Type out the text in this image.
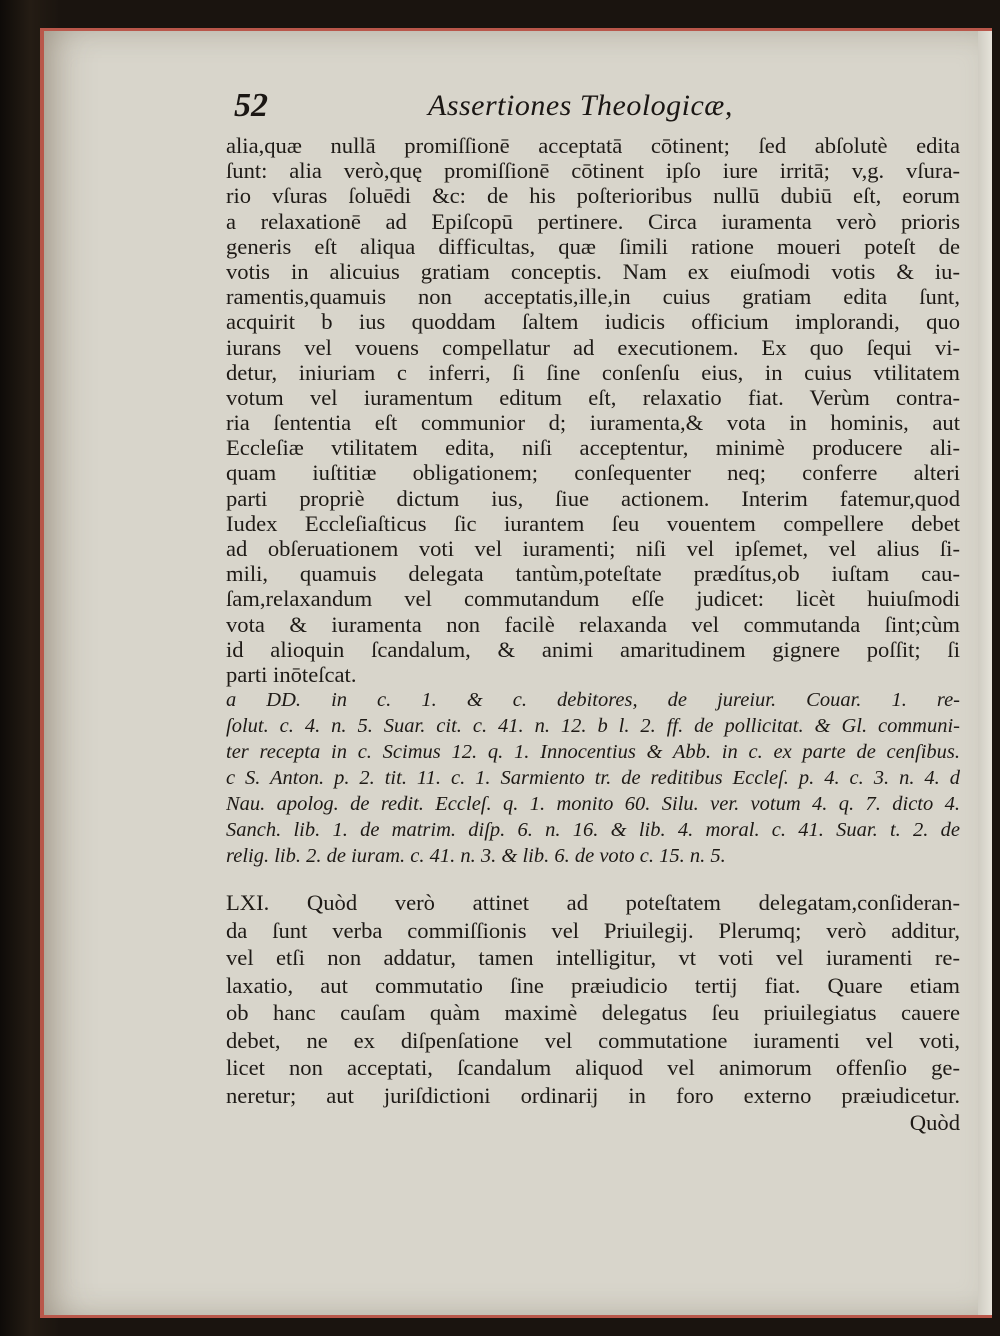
52	Assertiones Theologicæ,
alia,quæ nullā promiſſionē acceptatā cōtinent; ſed abſolutè edita
ſunt: alia verò,quę promiſſionē cōtinent ipſo iure irritā; v,g. vſura-
rio vſuras ſoluēdi &c: de his poſterioribus nullū dubiū eſt, eorum
a relaxationē ad Epiſcopū pertinere. Circa iuramenta verò prioris
generis eſt aliqua difficultas, quæ ſimili ratione moueri poteſt de
votis in alicuius gratiam conceptis. Nam ex eiuſmodi votis & iu-
ramentis,quamuis non acceptatis,ille,in cuius gratiam edita ſunt,
acquirit b ius quoddam ſaltem iudicis officium implorandi, quo
iurans vel vouens compellatur ad executionem. Ex quo ſequi vi-
detur, iniuriam c inferri, ſi ſine conſenſu eius, in cuius vtilitatem
votum vel iuramentum editum eſt, relaxatio fiat. Verùm contra-
ria ſententia eſt communior d; iuramenta,& vota in hominis, aut
Eccleſiæ vtilitatem edita, niſi acceptentur, minimè producere ali-
quam iuſtitiæ obligationem; conſequenter neq; conferre alteri
parti propriè dictum ius, ſiue actionem. Interim fatemur,quod
Iudex Eccleſiaſticus ſic iurantem ſeu vouentem compellere debet
ad obſeruationem voti vel iuramenti; niſi vel ipſemet, vel alius ſi-
mili, quamuis delegata tantùm,poteſtate prædítus,ob iuſtam cau-
ſam,relaxandum vel commutandum eſſe judicet: licèt huiuſmodi
vota & iuramenta non facilè relaxanda vel commutanda ſint;cùm
id alioquin ſcandalum, & animi amaritudinem gignere poſſit; ſi
parti inōteſcat.
a DD. in c. 1. & c. debitores, de jureiur. Couar. 1. re-
ſolut. c. 4. n. 5. Suar. cit. c. 41. n. 12. b l. 2. ff. de pollicitat. & Gl. communi-
ter recepta in c. Scimus 12. q. 1. Innocentius & Abb. in c. ex parte de cenſibus.
c S. Anton. p. 2. tit. 11. c. 1. Sarmiento tr. de reditibus Eccleſ. p. 4. c. 3. n. 4. d
Nau. apolog. de redit. Eccleſ. q. 1. monito 60. Silu. ver. votum 4. q. 7. dicto 4.
Sanch. lib. 1. de matrim. diſp. 6. n. 16. & lib. 4. moral. c. 41. Suar. t. 2. de
relig. lib. 2. de iuram. c. 41. n. 3. & lib. 6. de voto c. 15. n. 5.
LXI. Quòd verò attinet ad poteſtatem delegatam,conſideran-
da ſunt verba commiſſionis vel Priuilegij. Plerumq; verò additur,
vel etſi non addatur, tamen intelligitur, vt voti vel iuramenti re-
laxatio, aut commutatio ſine præiudicio tertij fiat. Quare etiam
ob hanc cauſam quàm maximè delegatus ſeu priuilegiatus cauere
debet, ne ex diſpenſatione vel commutatione iuramenti vel voti,
licet non acceptati, ſcandalum aliquod vel animorum offenſio ge-
neretur; aut juriſdictioni ordinarij in foro externo præiudicetur.
Quòd
